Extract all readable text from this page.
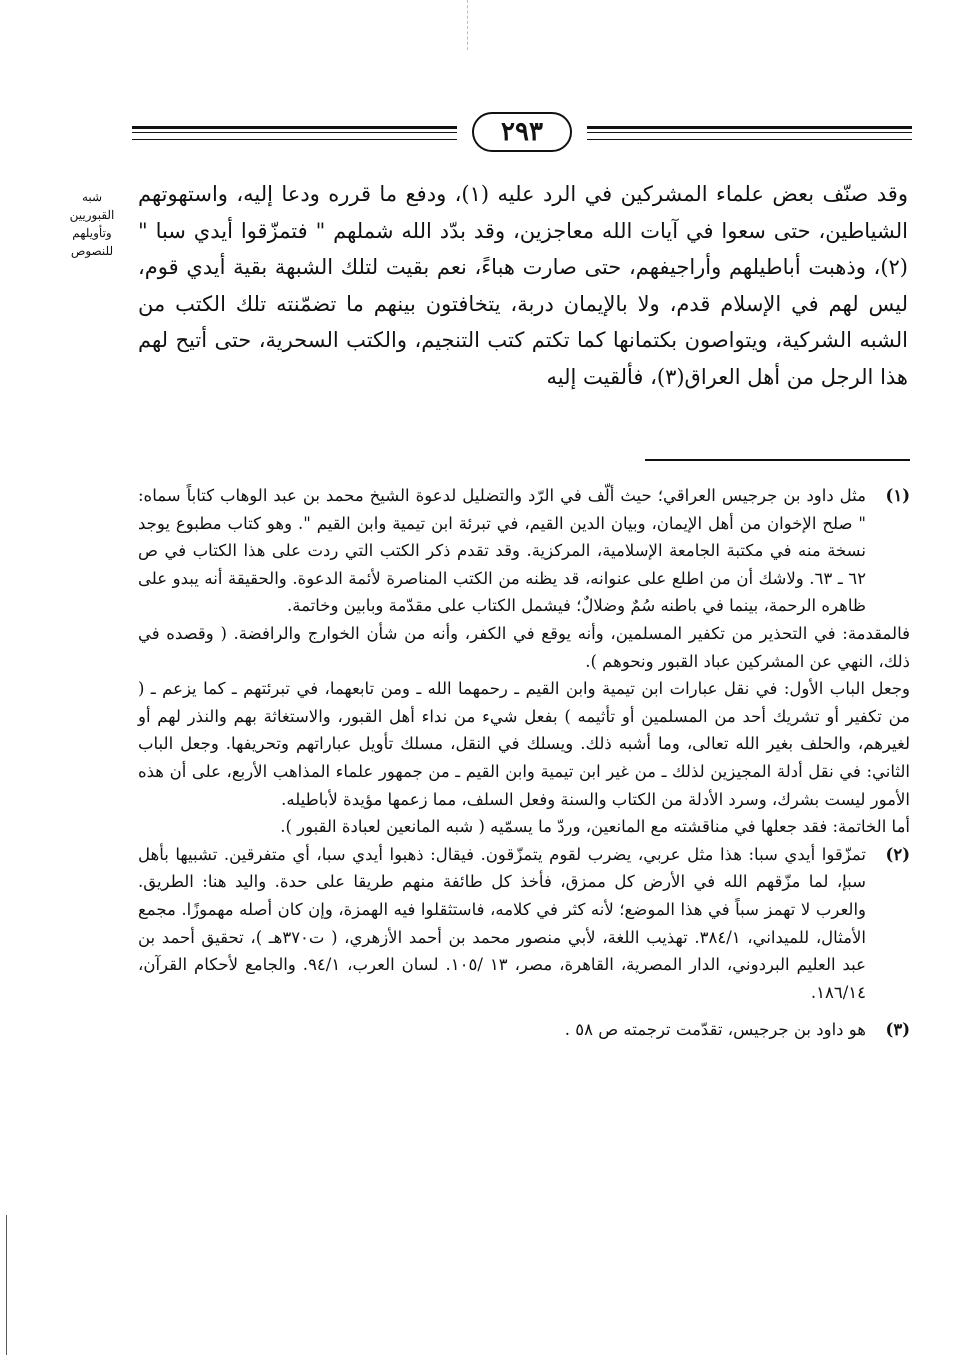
٢٩٣
شبه القبوريين وتأويلهم للنصوص

وقد صنّف بعض علماء المشركين في الرد عليه (١)، ودفع ما قرره ودعا إليه، واستهوتهم الشياطين، حتى سعوا في آيات الله معاجزين، وقد بدّد الله شملهم " فتمزّقوا أيدي سبا " (٢)، وذهبت أباطيلهم وأراجيفهم، حتى صارت هباءً، نعم بقيت لتلك الشبهة بقية أيدي قوم، ليس لهم في الإسلام قدم، ولا بالإيمان دربة، يتخافتون بينهم ما تضمّنته تلك الكتب من الشبه الشركية، ويتواصون بكتمانها كما تكتم كتب التنجيم، والكتب السحرية، حتى أتيح لهم هذا الرجل من أهل العراق(٣)، فألقيت إليه

(١)
مثل داود بن جرجيس العراقي؛ حيث ألّف في الرّد والتضليل لدعوة الشيخ محمد بن عبد الوهاب كتاباً سماه: " صلح الإخوان من أهل الإيمان، وبيان الدين القيم، في تبرئة ابن تيمية وابن القيم ". وهو كتاب مطبوع يوجد نسخة منه في مكتبة الجامعة الإسلامية، المركزية. وقد تقدم ذكر الكتب التي ردت على هذا الكتاب في ص ٦٢ ـ ٦٣. ولاشك أن من اطلع على عنوانه، قد يظنه من الكتب المناصرة لأئمة الدعوة. والحقيقة أنه يبدو على ظاهره الرحمة، بينما في باطنه سُمٌ وضلالٌ؛ فيشمل الكتاب على مقدّمة وبابين وخاتمة.
فالمقدمة: في التحذير من تكفير المسلمين، وأنه يوقع في الكفر، وأنه من شأن الخوارج والرافضة. ( وقصده في ذلك، النهي عن المشركين عباد القبور ونحوهم ).
وجعل الباب الأول: في نقل عبارات ابن تيمية وابن القيم ـ رحمهما الله ـ ومن تابعهما، في تبرئتهم ـ كما يزعم ـ ( من تكفير أو تشريك أحد من المسلمين أو تأثيمه ) بفعل شيء من نداء أهل القبور، والاستغاثة بهم والنذر لهم أو لغيرهم، والحلف بغير الله تعالى، وما أشبه ذلك. ويسلك في النقل، مسلك تأويل عباراتهم وتحريفها. وجعل الباب الثاني: في نقل أدلة المجيزين لذلك ـ من غير ابن تيمية وابن القيم ـ من جمهور علماء المذاهب الأربع، على أن هذه الأمور ليست بشرك، وسرد الأدلة من الكتاب والسنة وفعل السلف، مما زعمها مؤيدة لأباطيله.
أما الخاتمة: فقد جعلها في مناقشته مع المانعين، وردّ ما يسمّيه ( شبه المانعين لعبادة القبور ).
(٢)
تمزّقوا أيدي سبا: هذا مثل عربي، يضرب لقوم يتمزّقون. فيقال: ذهبوا أيدي سبا، أي متفرقين. تشبيها بأهل سبإ، لما مزّقهم الله في الأرض كل ممزق، فأخذ كل طائفة منهم طريقا على حدة. واليد هنا: الطريق. والعرب لا تهمز سباً في هذا الموضع؛ لأنه كثر في كلامه، فاستثقلوا فيه الهمزة، وإن كان أصله مهموزًا. مجمع الأمثال، للميداني، ٣٨٤/١. تهذيب اللغة، لأبي منصور محمد بن أحمد الأزهري، ( ت٣٧٠هـ )، تحقيق أحمد بن عبد العليم البردوني، الدار المصرية، القاهرة، مصر، ١٣ /١٠٥. لسان العرب، ٩٤/١. والجامع لأحكام القرآن، ١٨٦/١٤.
(٣)
هو داود بن جرجيس، تقدّمت ترجمته ص ٥٨ .
